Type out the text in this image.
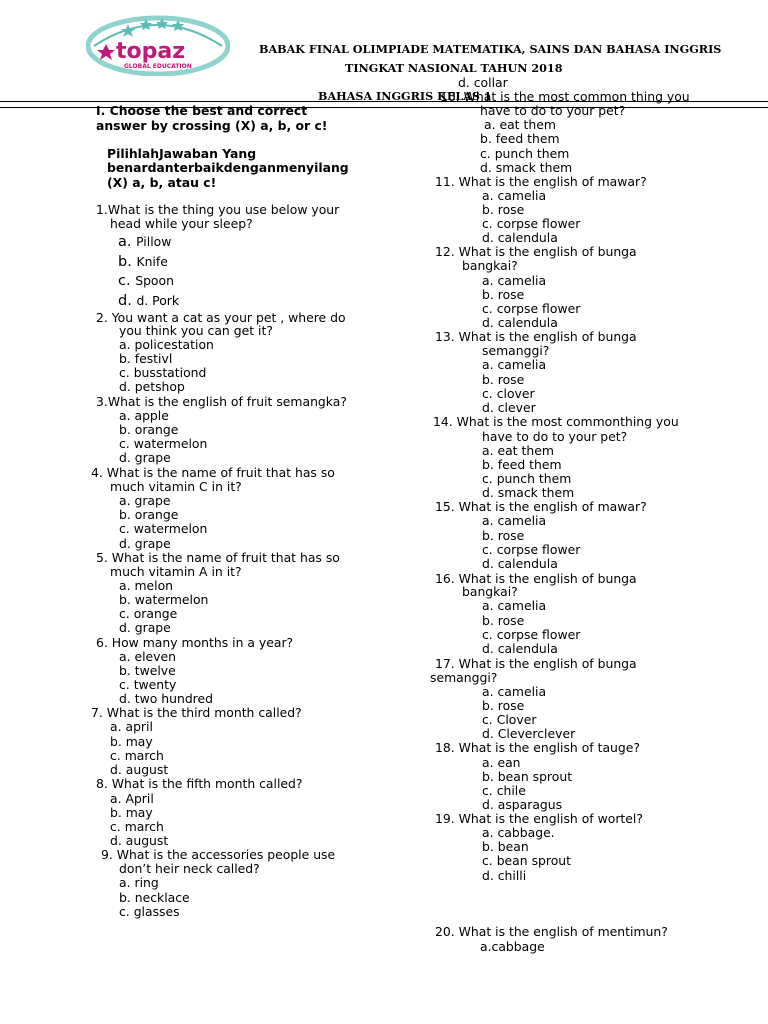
topaz
GLOBAL EDUCATION
BABAK FINAL OLIMPIADE MATEMATIKA, SAINS DAN BAHASA INGGRIS
TINGKAT NASIONAL TAHUN 2018
BAHASA INGGRIS KELAS 1
I. Choose the best and correct
answer by crossing (X) a, b, or c!
PilihlahJawaban Yang
benardanterbaikdenganmenyilang
(X) a, b, atau c!
1.What is the thing you use below your
head while your sleep?
a. Pillow
b. Knife
c. Spoon
d. d. Pork
2. You want a cat as your pet , where do
you think you can get it?
a. policestation
b. festivl
c. busstationd
d. petshop
3.What is the english of fruit semangka?
a. apple
b. orange
c. watermelon
d. grape
4. What is the name of fruit that has so
much vitamin C in it?
a. grape
b. orange
c. watermelon
d. grape
5. What is the name of fruit that has so
much vitamin A in it?
a. melon
b. watermelon
c. orange
d. grape
6. How many months in a year?
a. eleven
b. twelve
c. twenty
d. two hundred
7. What is the third month called?
a. april
b. may
c. march
d. august
8. What is the fifth month called?
a. April
b. may
c. march
d. august
9. What is the accessories people use
don’t heir neck called?
a. ring
b. necklace
c. glasses
d. collar
10. What is the most common thing you
have to do to your pet?
a. eat them
b. feed them
c. punch them
d. smack them
11. What is the english of mawar?
a. camelia
b. rose
c. corpse flower
d. calendula
12. What is the english of bunga
bangkai?
a. camelia
b. rose
c. corpse flower
d. calendula
13. What is the english of bunga
semanggi?
a. camelia
b. rose
c. clover
d. clever
14. What is the most commonthing you
have to do to your pet?
a. eat them
b. feed them
c. punch them
d. smack them
15. What is the english of mawar?
a. camelia
b. rose
c. corpse flower
d. calendula
16. What is the english of bunga
bangkai?
a. camelia
b. rose
c. corpse flower
d. calendula
17. What is the english of bunga
semanggi?
a. camelia
b. rose
c. Clover
d. Cleverclever
18. What is the english of tauge?
a. ean
b. bean sprout
c. chile
d. asparagus
19. What is the english of wortel?
a. cabbage.
b. bean
c. bean sprout
d. chilli
20. What is the english of mentimun?
a.cabbage
